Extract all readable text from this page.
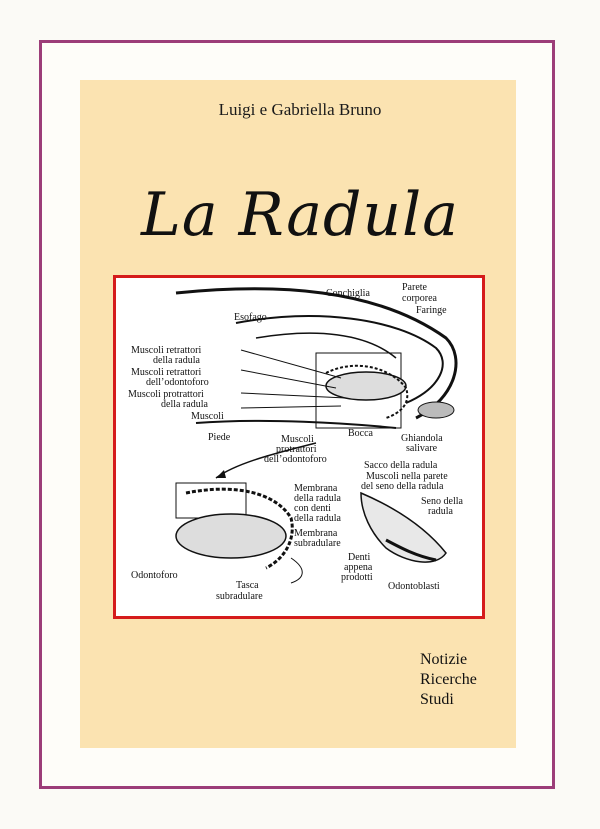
Luigi e Gabriella Bruno
La Radula
Conchiglia
Parete
corporea
Faringe
Esofago
Muscoli retrattori
della radula
Muscoli retrattori
dell’odontoforo
Muscoli protrattori
della radula
Muscoli
Piede	Muscoli
protrattori
dell’odontoforo
Bocca	Ghiandola
salivare
Sacco della radula
Muscoli nella parete
del seno della radula
Seno della
radula
Membrana
della radula
con denti
della radula
Membrana
subradulare
Denti
appena
prodotti
Odontoblasti
Odontoforo
Tasca
subradulare
Notizie
Ricerche
Studi
